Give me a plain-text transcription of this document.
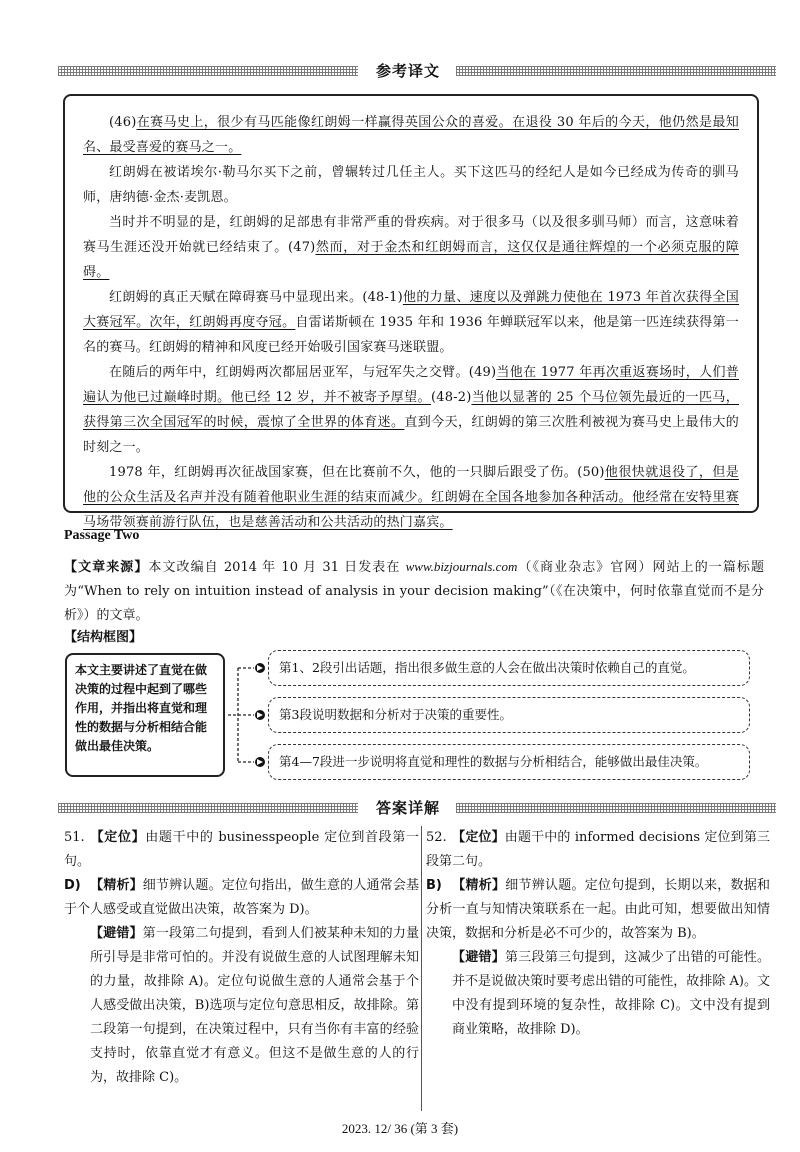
参考译文

(46)在赛马史上，很少有马匹能像红朗姆一样赢得英国公众的喜爱。在退役 30 年后的今天，他仍然是最知名、最受喜爱的赛马之一。

红朗姆在被诺埃尔·勒马尔买下之前，曾辗转过几任主人。买下这匹马的经纪人是如今已经成为传奇的驯马师，唐纳德·金杰·麦凯恩。

当时并不明显的是，红朗姆的足部患有非常严重的骨疾病。对于很多马（以及很多驯马师）而言，这意味着赛马生涯还没开始就已经结束了。(47)然而，对于金杰和红朗姆而言，这仅仅是通往辉煌的一个必须克服的障碍。

红朗姆的真正天赋在障碍赛马中显现出来。(48-1)他的力量、速度以及弹跳力使他在 1973 年首次获得全国大赛冠军。次年，红朗姆再度夺冠。自雷诺斯顿在 1935 年和 1936 年蝉联冠军以来，他是第一匹连续获得第一名的赛马。红朗姆的精神和风度已经开始吸引国家赛马迷联盟。

在随后的两年中，红朗姆两次都屈居亚军，与冠军失之交臂。(49)当他在 1977 年再次重返赛场时，人们普遍认为他已过巅峰时期。他已经 12 岁，并不被寄予厚望。(48-2)当他以显著的 25 个马位领先最近的一匹马，获得第三次全国冠军的时候，震惊了全世界的体育迷。直到今天，红朗姆的第三次胜利被视为赛马史上最伟大的时刻之一。

1978 年，红朗姆再次征战国家赛，但在比赛前不久，他的一只脚后跟受了伤。(50)他很快就退役了，但是他的公众生活及名声并没有随着他职业生涯的结束而减少。红朗姆在全国各地参加各种活动。他经常在安特里赛马场带领赛前游行队伍，也是慈善活动和公共活动的热门嘉宾。

Passage Two
【文章来源】本文改编自 2014 年 10 月 31 日发表在 www.bizjournals.com（《商业杂志》官网）网站上的一篇标题为“When to rely on intuition instead of analysis in your decision making”（《在决策中，何时依靠直觉而不是分析》）的文章。
【结构框图】
本文主要讲述了直觉在做决策的过程中起到了哪些作用，并指出将直觉和理性的数据与分析相结合能做出最佳决策。
第1、2段引出话题，指出很多做生意的人会在做出决策时依赖自己的直觉。
第3段说明数据和分析对于决策的重要性。
第4—7段进一步说明将直觉和理性的数据与分析相结合，能够做出最佳决策。
答案详解

51. 【定位】由题干中的 businesspeople 定位到首段第一句。

D) 【精析】细节辨认题。定位句指出，做生意的人通常会基于个人感受或直觉做出决策，故答案为 D)。

【避错】第一段第二句提到，看到人们被某种未知的力量所引导是非常可怕的。并没有说做生意的人试图理解未知的力量，故排除 A)。定位句说做生意的人通常会基于个人感受做出决策，B)选项与定位句意思相反，故排除。第二段第一句提到，在决策过程中，只有当你有丰富的经验支持时，依靠直觉才有意义。但这不是做生意的人的行为，故排除 C)。

52. 【定位】由题干中的 informed decisions 定位到第三段第二句。

B) 【精析】细节辨认题。定位句提到，长期以来，数据和分析一直与知情决策联系在一起。由此可知，想要做出知情决策，数据和分析是必不可少的，故答案为 B)。

【避错】第三段第三句提到，这减少了出错的可能性。并不是说做决策时要考虑出错的可能性，故排除 A)。文中没有提到环境的复杂性，故排除 C)。文中没有提到商业策略，故排除 D)。

2023. 12/ 36 (第 3 套)
